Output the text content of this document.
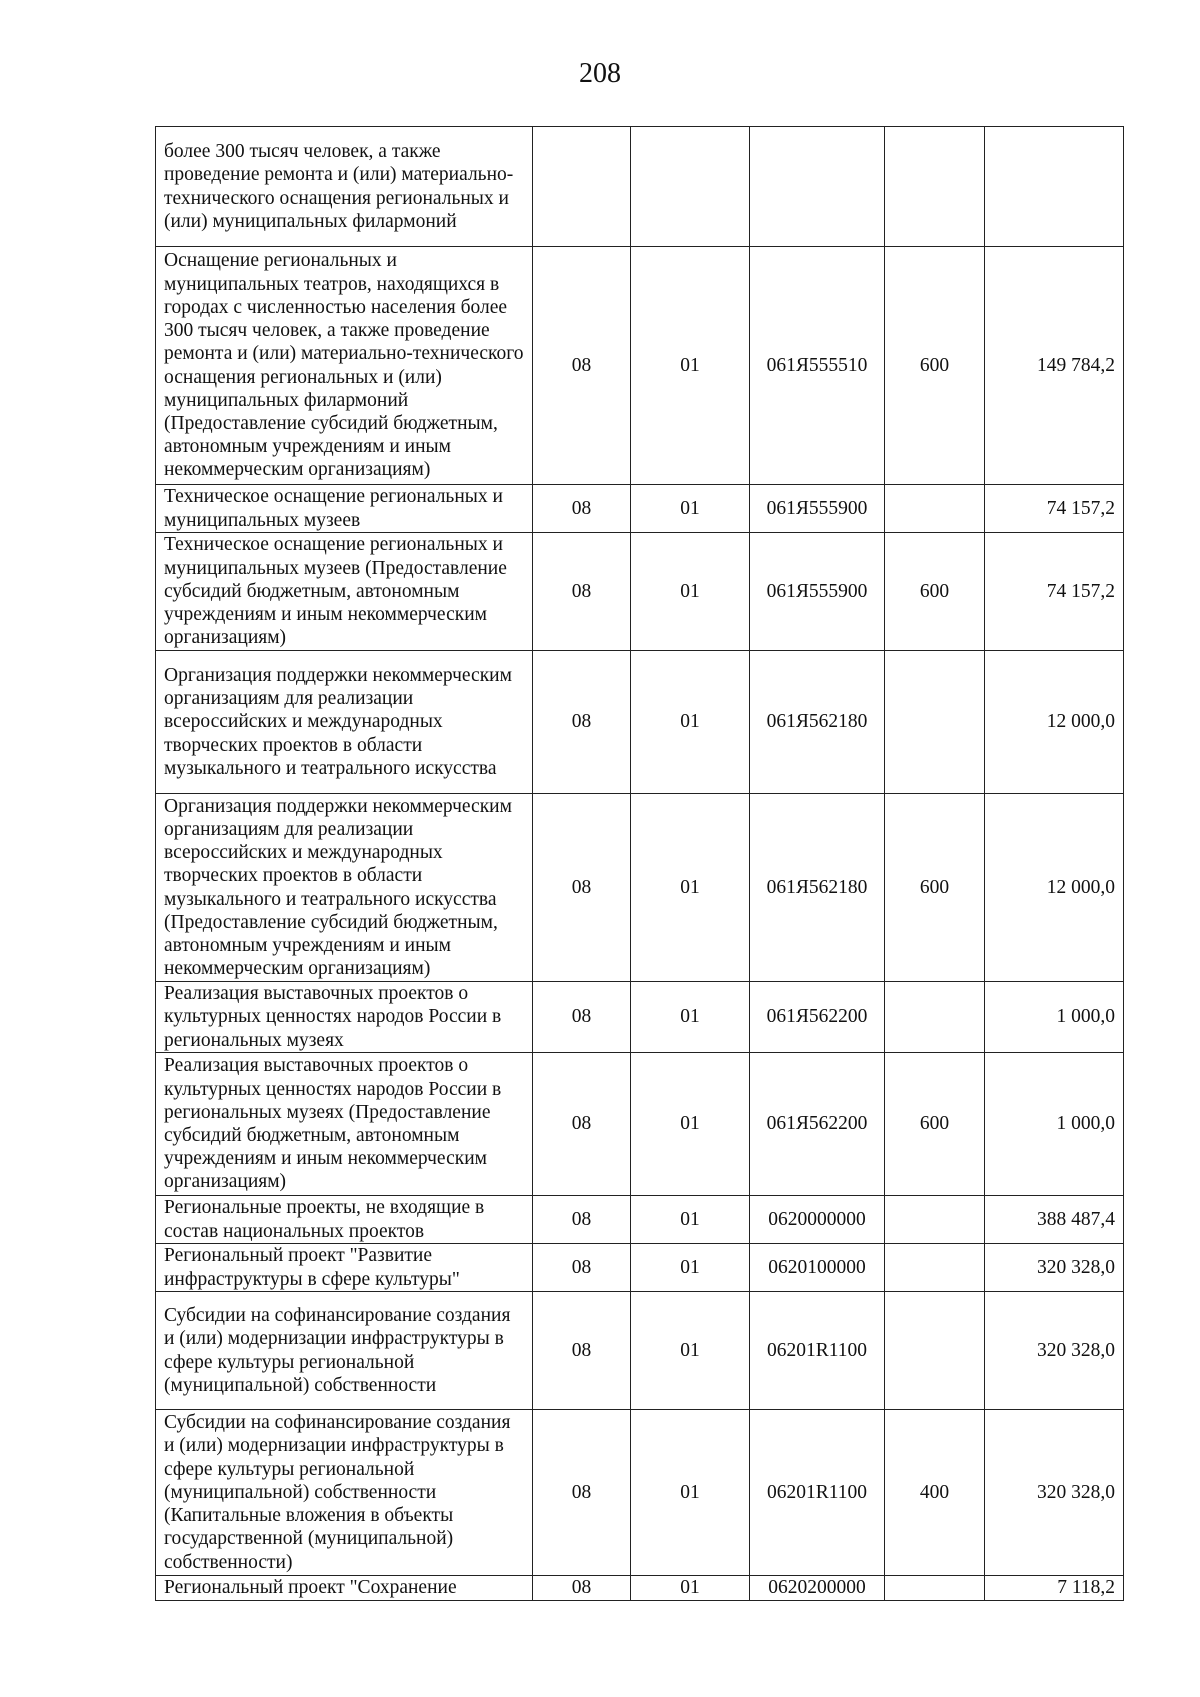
208
более 300 тысяч человек, а также проведение ремонта и (или) материально-технического оснащения региональных и (или) муниципальных филармоний					
Оснащение региональных и муниципальных театров, находящихся в городах с численностью населения более 300 тысяч человек, а также проведение ремонта и (или) материально-технического оснащения региональных и (или) муниципальных филармоний (Предоставление субсидий бюджетным, автономным учреждениям и иным некоммерческим организациям)	08	01	061Я555510	600	149 784,2
Техническое оснащение региональных и муниципальных музеев	08	01	061Я555900		74 157,2
Техническое оснащение региональных и муниципальных музеев (Предоставление субсидий бюджетным, автономным учреждениям и иным некоммерческим организациям)	08	01	061Я555900	600	74 157,2
Организация поддержки некоммерческим организациям для реализации всероссийских и международных творческих проектов в области музыкального и театрального искусства	08	01	061Я562180		12 000,0
Организация поддержки некоммерческим организациям для реализации всероссийских и международных творческих проектов в области музыкального и театрального искусства (Предоставление субсидий бюджетным, автономным учреждениям и иным некоммерческим организациям)	08	01	061Я562180	600	12 000,0
Реализация выставочных проектов о культурных ценностях народов России в региональных музеях	08	01	061Я562200		1 000,0
Реализация выставочных проектов о культурных ценностях народов России в региональных музеях (Предоставление субсидий бюджетным, автономным учреждениям и иным некоммерческим организациям)	08	01	061Я562200	600	1 000,0
Региональные проекты, не входящие в состав национальных проектов	08	01	0620000000		388 487,4
Региональный проект "Развитие инфраструктуры в сфере культуры"	08	01	0620100000		320 328,0
Субсидии на софинансирование создания и (или) модернизации инфраструктуры в сфере культуры региональной (муниципальной) собственности	08	01	06201R1100		320 328,0
Субсидии на софинансирование создания и (или) модернизации инфраструктуры в сфере культуры региональной (муниципальной) собственности (Капитальные вложения в объекты государственной (муниципальной) собственности)	08	01	06201R1100	400	320 328,0
Региональный проект "Сохранение	08	01	0620200000		7 118,2
